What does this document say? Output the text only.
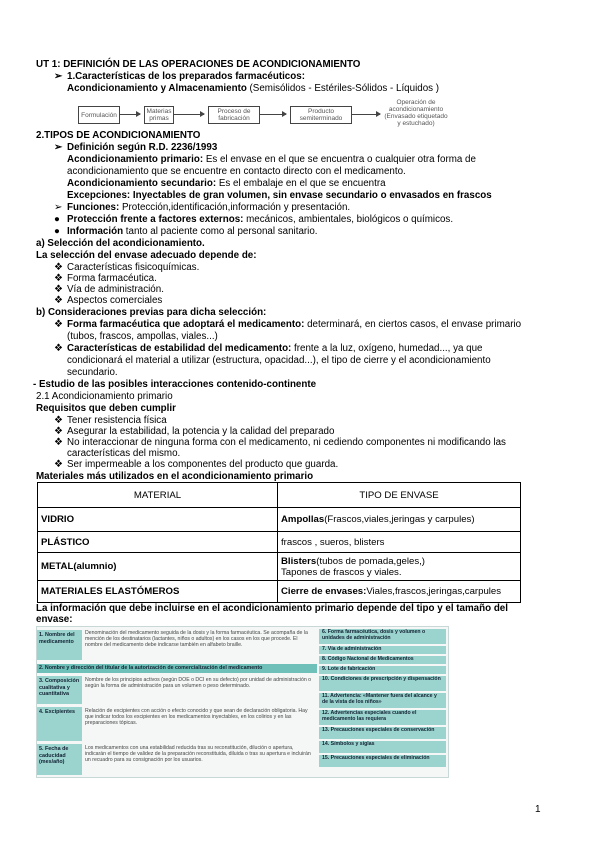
UT 1: DEFINICIÓN DE LAS OPERACIONES DE ACONDICIONAMIENTO
➢ 1.Características de los preparados farmacéuticos:
Acondicionamiento y Almacenamiento (Semisólidos - Estériles-Sólidos - Líquidos )
Formulación	Materias primas
Proceso de fabricación
Producto semiterminado
Operación de acondicionamiento (Envasado etiquetado y estuchado)
2.TIPOS DE ACONDICIONAMIENTO
➢ Definición según R.D. 2236/1993
Acondicionamiento primario: Es el envase en el que se encuentra o cualquier otra forma de
acondicionamiento que se encuentre en contacto directo con el medicamento.
Acondicionamiento secundario: Es el embalaje en el que se encuentra
Excepciones: Inyectables de gran volumen, sin envase secundario o envasados en frascos
➢ Funciones: Protección,identificación,información y presentación.
● Protección frente a factores externos: mecánicos, ambientales, biológicos o químicos.
● Información tanto al paciente como al personal sanitario.
a) Selección del acondicionamiento.
La selección del envase adecuado depende de:
❖ Características fisicoquímicas.
❖ Forma farmacéutica.
❖ Vía de administración.
❖ Aspectos comerciales
b) Consideraciones previas para dicha selección:
❖ Forma farmacéutica que adoptará el medicamento: determinará, en ciertos casos, el envase primario
(tubos, frascos, ampollas, viales...)
❖ Características de estabilidad del medicamento: frente a la luz, oxígeno, humedad..., ya que
condicionará el material a utilizar (estructura, opacidad...), el tipo de cierre y el acondicionamiento
secundario.
- Estudio de las posibles interacciones contenido-continente
2.1 Acondicionamiento primario
Requisitos que deben cumplir
❖ Tener resistencia física
❖ Asegurar la estabilidad, la potencia y la calidad del preparado
❖ No interaccionar de ninguna forma con el medicamento, ni cediendo componentes ni modificando las
características del mismo.
❖ Ser impermeable a los componentes del producto que guarda.
Materiales más utilizados en el acondicionamiento primario
MATERIAL	TIPO DE ENVASE
VIDRIO	Ampollas(Frascos,viales,jeringas y carpules)
PLÁSTICO	frascos , sueros, blisters
METAL(alumnio)	Blisters(tubos de pomada,geles,)
Tapones de frascos y viales.
MATERIALES ELASTÓMEROS	Cierre de envases:Viales,frascos,jeringas,carpules
La información que debe incluirse en el acondicionamiento primario depende del tipo y el tamaño del
envase:
1. Nombre del medicamento
Denominación del medicamento seguida de la dosis y la forma farmacéutica. Se acompaña de la mención de los destinatarios (lactantes, niños o adultos) en los casos en los que procede. El nombre del medicamento debe indicarse también en alfabeto braille.
2. Nombre y dirección del titular de la autorización de comercialización del medicamento
3. Composición cualitativa y cuantitativa
Nombre de los principios activos (según DOE o DCI en su defecto) por unidad de administración o según la forma de administración para un volumen o peso determinado.
4. Excipientes	Relación de excipientes con acción o efecto conocido y que sean de declaración obligatoria. Hay que indicar todos los excipientes en los medicamentos inyectables, en los colirios y en las preparaciones tópicas.
5. Fecha de caducidad (mes/año)
Los medicamentos con una estabilidad reducida tras su reconstitución, dilución o apertura, indicarán el tiempo de validez de la preparación reconstituida, diluida o tras su apertura e incluirán un recuadro para su consignación por los usuarios.
6. Forma farmacéutica, dosis y volumen o unidades de administración
7. Vía de administración
8. Código Nacional de Medicamentos
9. Lote de fabricación
10. Condiciones de prescripción y dispensación
11. Advertencia: «Mantener fuera del alcance y de la vista de los niños»
12. Advertencias especiales cuando el medicamento las requiera
13. Precauciones especiales de conservación
14. Símbolos y siglas
15. Precauciones especiales de eliminación
1
